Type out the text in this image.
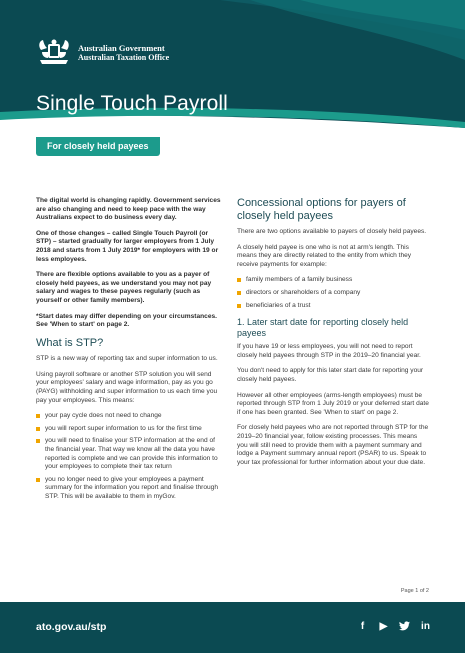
Australian Government
Australian Taxation Office
Single Touch Payroll
For closely held payees

The digital world is changing rapidly. Government services are also changing and need to keep pace with the way Australians expect to do business every day.

One of those changes – called Single Touch Payroll (or STP) – started gradually for larger employers from 1 July 2018 and starts from 1 July 2019* for employers with 19 or less employees.

There are flexible options available to you as a payer of closely held payees, as we understand you may not pay salary and wages to these payees regularly (such as yourself or other family members).

*Start dates may differ depending on your circumstances. See 'When to start' on page 2.

What is STP?

STP is a new way of reporting tax and super information to us.

Using payroll software or another STP solution you will send your employees' salary and wage information, pay as you go (PAYG) withholding and super information to us each time you pay your employees. This means:

your pay cycle does not need to change
you will report super information to us for the first time
you will need to finalise your STP information at the end of the financial year. That way we know all the data you have reported is complete and we can provide this information to your employees to complete their tax return
you no longer need to give your employees a payment summary for the information you report and finalise through STP. This will be available to them in myGov.
Concessional options for payers of closely held payees

There are two options available to payers of closely held payees.

A closely held payee is one who is not at arm's length. This means they are directly related to the entity from which they receive payments for example:

family members of a family business
directors or shareholders of a company
beneficiaries of a trust
1. Later start date for reporting closely held payees

If you have 19 or less employees, you will not need to report closely held payees through STP in the 2019–20 financial year.

You don't need to apply for this later start date for reporting your closely held payees.

However all other employees (arms-length employees) must be reported through STP from 1 July 2019 or your deferred start date if one has been granted. See 'When to start' on page 2.

For closely held payees who are not reported through STP for the 2019–20 financial year, follow existing processes. This means you will still need to provide them with a payment summary and lodge a Payment summary annual report (PSAR) to us. Speak to your tax professional for further information about your due date.

Page 1 of 2
ato.gov.au/stp	f	▶	in
